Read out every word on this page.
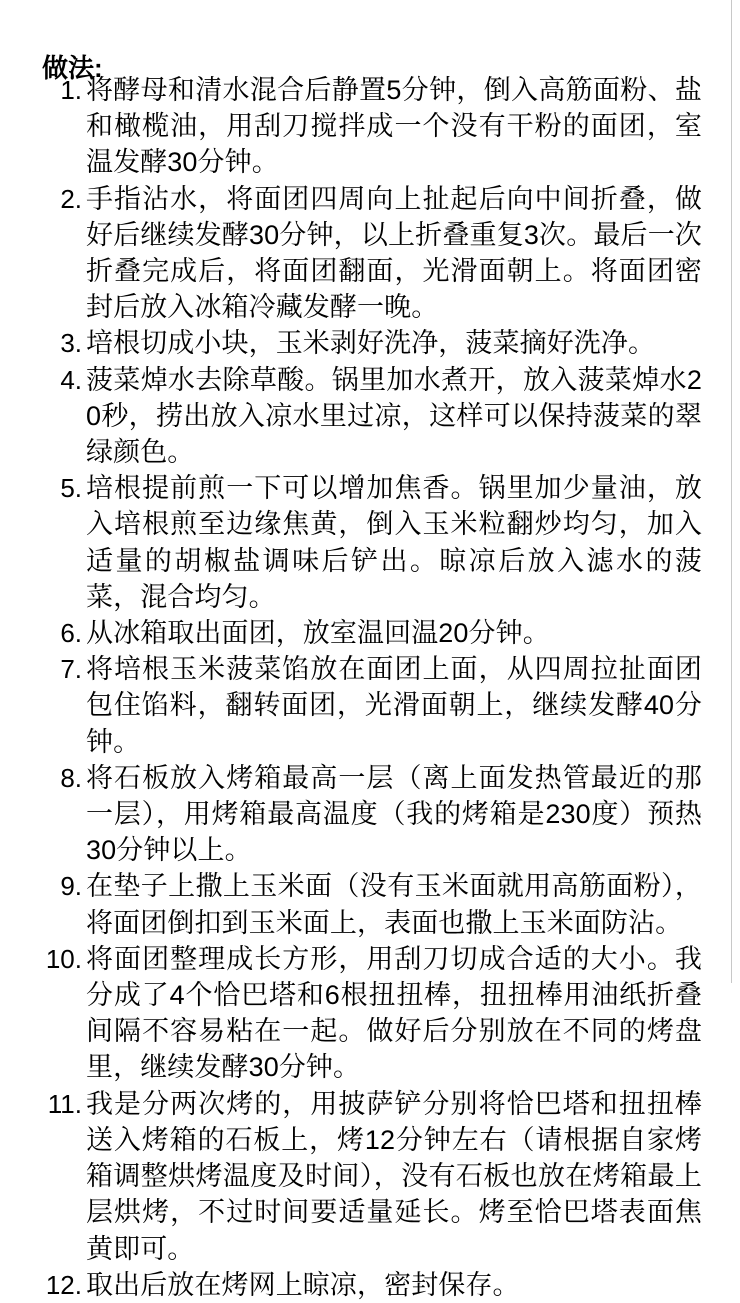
做法:
1. 将酵母和清水混合后静置5分钟，倒入高筋面粉、盐和橄榄油，用刮刀搅拌成一个没有干粉的面团，室温发酵30分钟。
2. 手指沾水，将面团四周向上扯起后向中间折叠，做好后继续发酵30分钟，以上折叠重复3次。最后一次折叠完成后，将面团翻面，光滑面朝上。将面团密封后放入冰箱冷藏发酵一晚。
3. 培根切成小块，玉米剥好洗净，菠菜摘好洗净。
4. 菠菜焯水去除草酸。锅里加水煮开，放入菠菜焯水20秒，捞出放入凉水里过凉，这样可以保持菠菜的翠绿颜色。
5. 培根提前煎一下可以增加焦香。锅里加少量油，放入培根煎至边缘焦黄，倒入玉米粒翻炒均匀，加入适量的胡椒盐调味后铲出。晾凉后放入滤水的菠菜，混合均匀。
6. 从冰箱取出面团，放室温回温20分钟。
7. 将培根玉米菠菜馅放在面团上面，从四周拉扯面团包住馅料，翻转面团，光滑面朝上，继续发酵40分钟。
8. 将石板放入烤箱最高一层（离上面发热管最近的那一层），用烤箱最高温度（我的烤箱是230度）预热30分钟以上。
9. 在垫子上撒上玉米面（没有玉米面就用高筋面粉），将面团倒扣到玉米面上，表面也撒上玉米面防沾。
10. 将面团整理成长方形，用刮刀切成合适的大小。我分成了4个恰巴塔和6根扭扭棒，扭扭棒用油纸折叠间隔不容易粘在一起。做好后分别放在不同的烤盘里，继续发酵30分钟。
11. 我是分两次烤的，用披萨铲分别将恰巴塔和扭扭棒送入烤箱的石板上，烤12分钟左右（请根据自家烤箱调整烘烤温度及时间），没有石板也放在烤箱最上层烘烤，不过时间要适量延长。烤至恰巴塔表面焦黄即可。
12. 取出后放在烤网上晾凉，密封保存。
